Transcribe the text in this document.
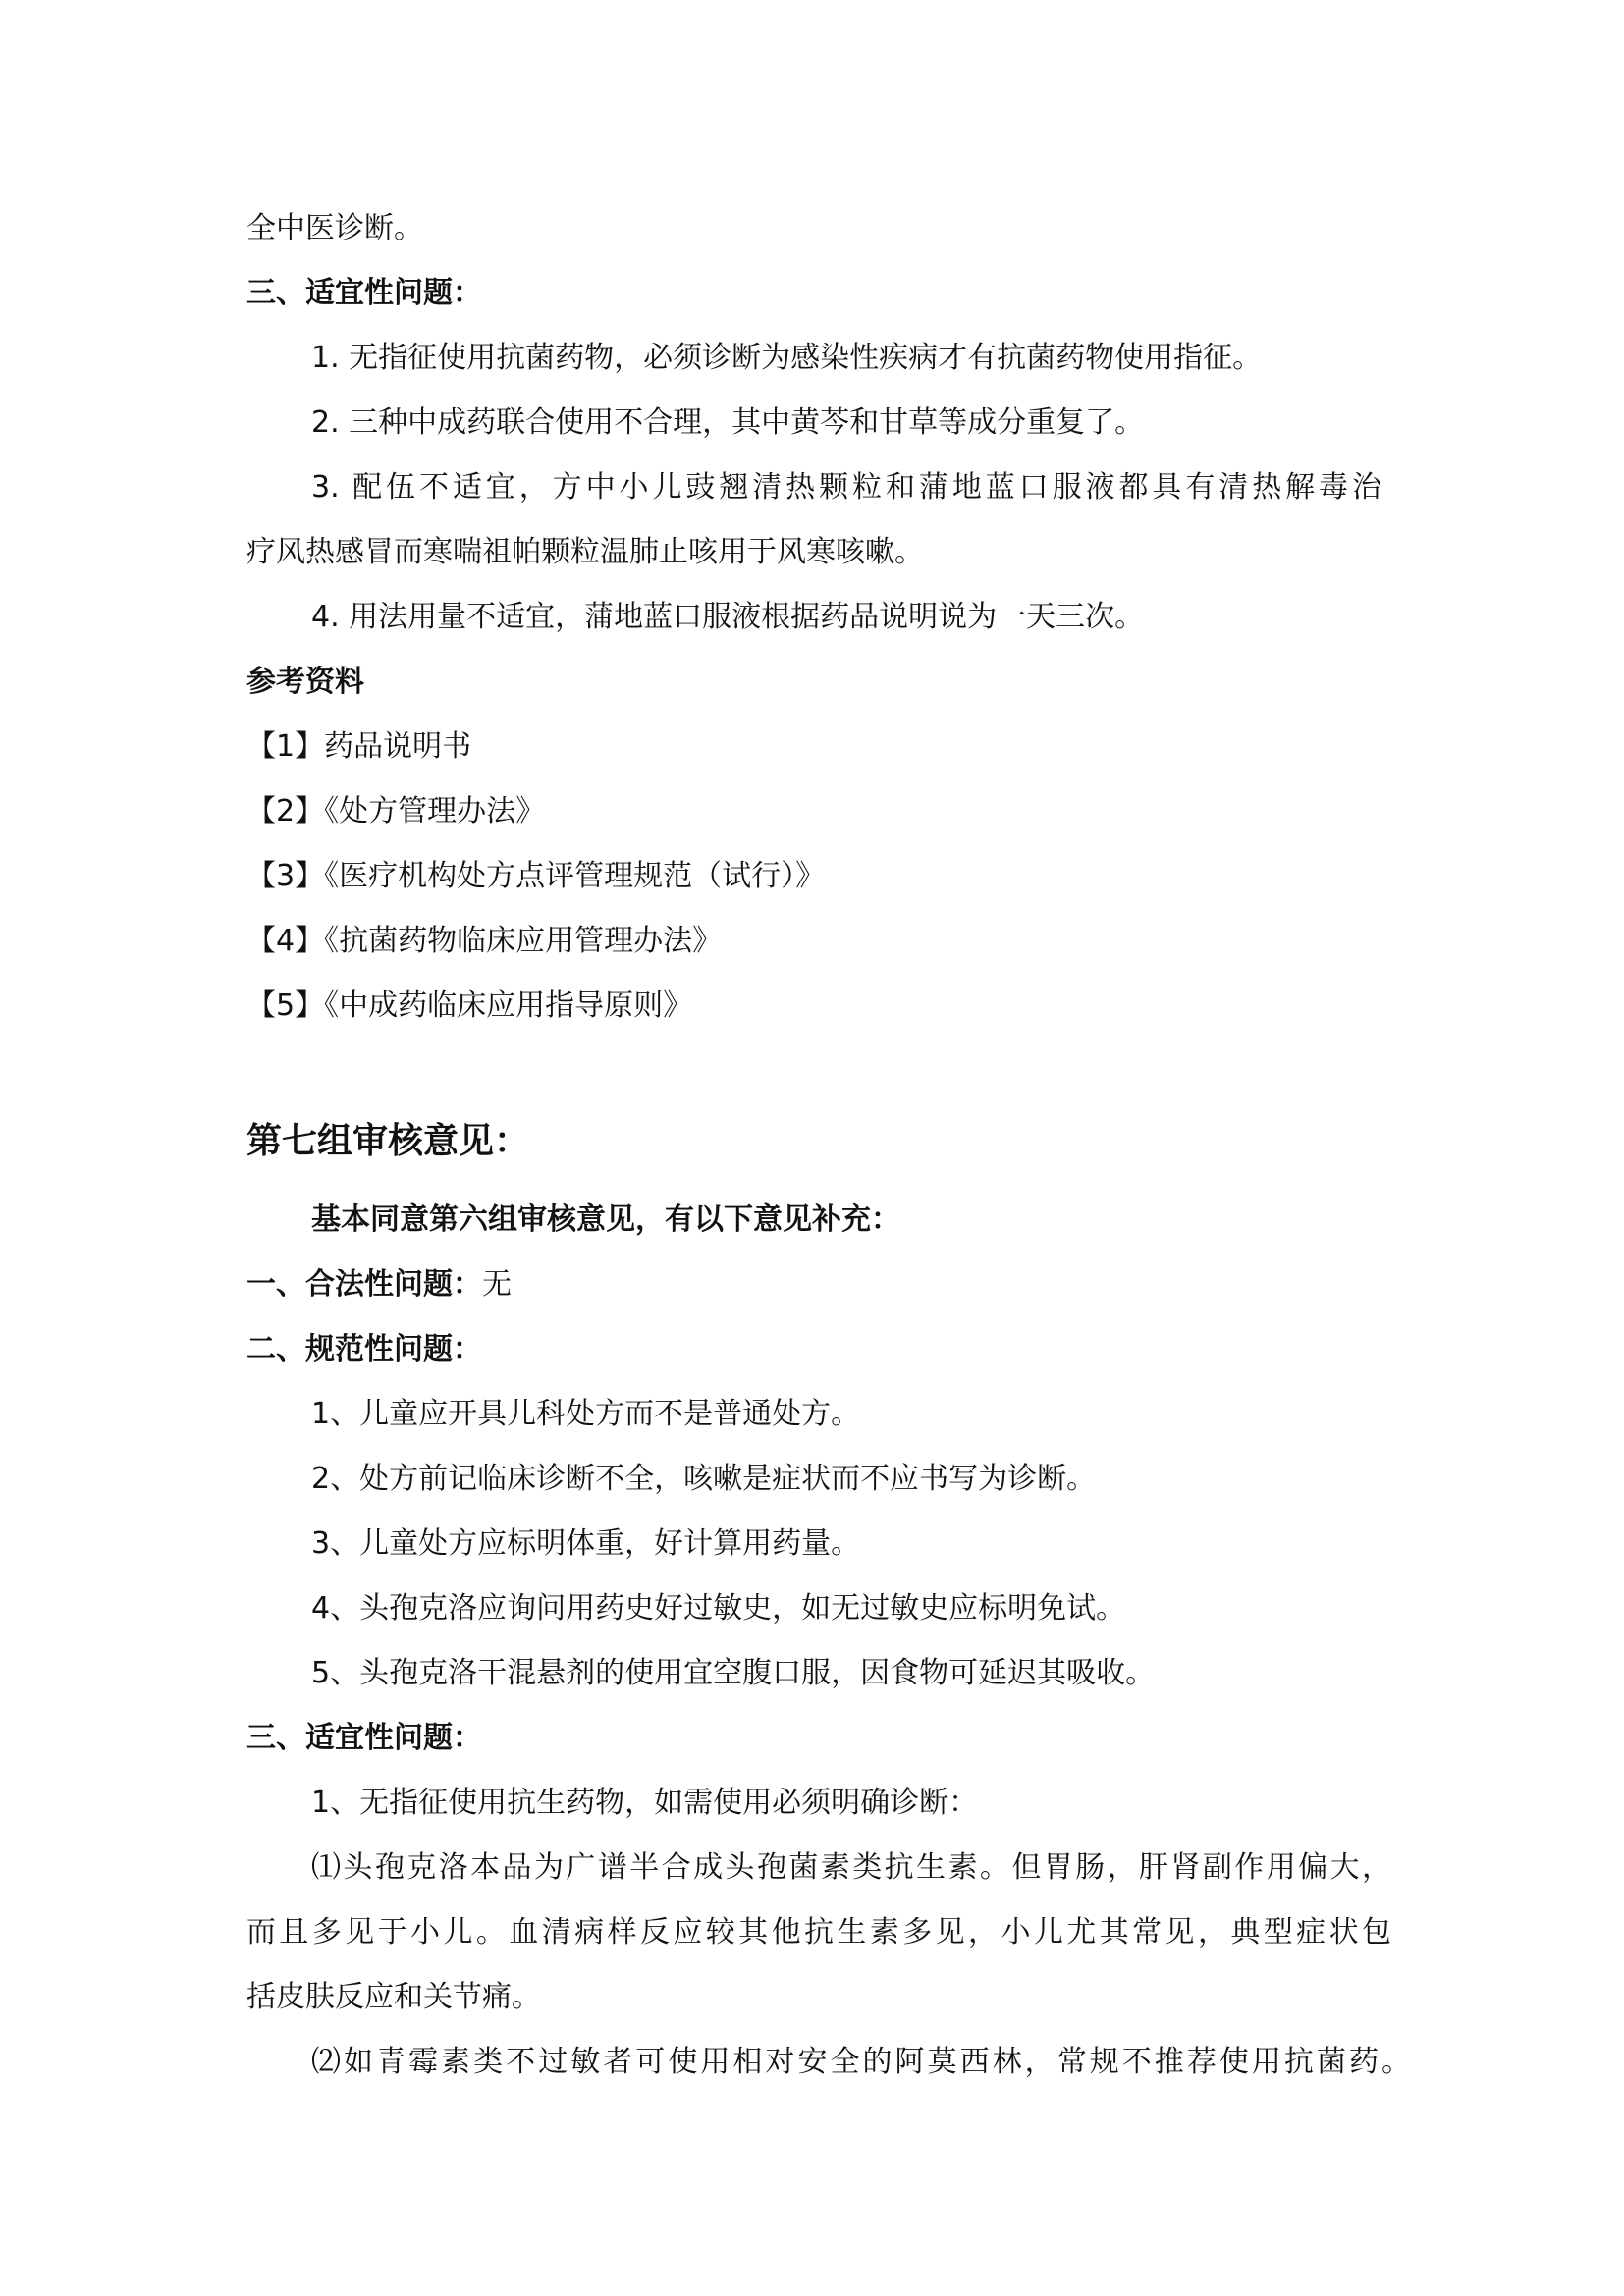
全中医诊断。
三、适宜性问题：
1. 无指征使用抗菌药物，必须诊断为感染性疾病才有抗菌药物使用指征。
2. 三种中成药联合使用不合理，其中黄芩和甘草等成分重复了。
3. 配伍不适宜，方中小儿豉翘清热颗粒和蒲地蓝口服液都具有清热解毒治
疗风热感冒而寒喘祖帕颗粒温肺止咳用于风寒咳嗽。
4. 用法用量不适宜，蒲地蓝口服液根据药品说明说为一天三次。
参考资料
【1】药品说明书
【2】《处方管理办法》
【3】《医疗机构处方点评管理规范（试行）》
【4】《抗菌药物临床应用管理办法》
【5】《中成药临床应用指导原则》
第七组审核意见：
基本同意第六组审核意见，有以下意见补充：
一、合法性问题：无
二、规范性问题：
1、儿童应开具儿科处方而不是普通处方。
2、处方前记临床诊断不全，咳嗽是症状而不应书写为诊断。
3、儿童处方应标明体重，好计算用药量。
4、头孢克洛应询问用药史好过敏史，如无过敏史应标明免试。
5、头孢克洛干混悬剂的使用宜空腹口服，因食物可延迟其吸收。
三、适宜性问题：
1、无指征使用抗生药物，如需使用必须明确诊断：
⑴头孢克洛本品为广谱半合成头孢菌素类抗生素。但胃肠，肝肾副作用偏大，
而且多见于小儿。血清病样反应较其他抗生素多见，小儿尤其常见，典型症状包
括皮肤反应和关节痛。
⑵如青霉素类不过敏者可使用相对安全的阿莫西林，常规不推荐使用抗菌药。
